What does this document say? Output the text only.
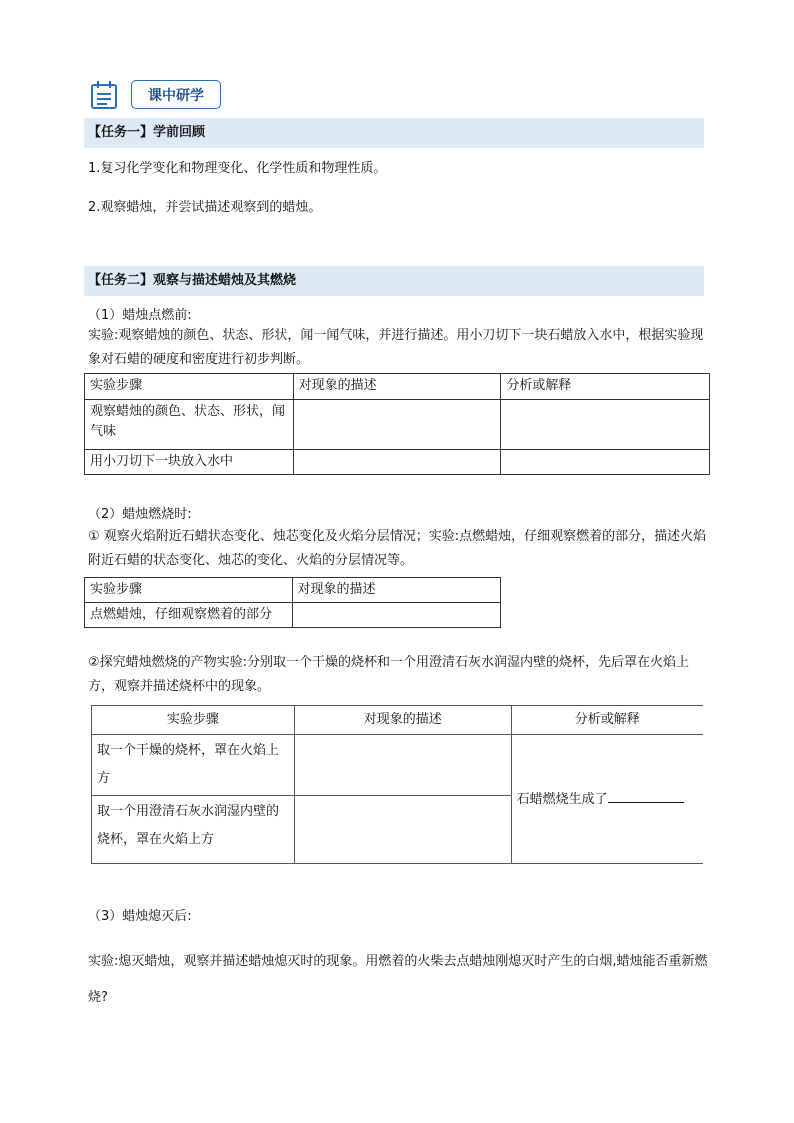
课中研学
【任务一】学前回顾
1.复习化学变化和物理变化、化学性质和物理性质。
2.观察蜡烛，并尝试描述观察到的蜡烛。
【任务二】观察与描述蜡烛及其燃烧
（1）蜡烛点燃前:
实验:观察蜡烛的颜色、状态、形状，闻一闻气味，并进行描述。用小刀切下一块石蜡放入水中，根据实验现象对石蜡的硬度和密度进行初步判断。
实验步骤	对现象的描述	分析或解释
观察蜡烛的颜色、状态、形状，闻气味		
用小刀切下一块放入水中		
（2）蜡烛燃烧时:
① 观察火焰附近石蜡状态变化、烛芯变化及火焰分层情况；实验:点燃蜡烛，仔细观察燃着的部分，描述火焰附近石蜡的状态变化、烛芯的变化、火焰的分层情况等。
实验步骤	对现象的描述
点燃蜡烛，仔细观察燃着的部分	
②探究蜡烛燃烧的产物实验:分别取一个干燥的烧杯和一个用澄清石灰水润湿内壁的烧杯，先后罩在火焰上方，观察并描述烧杯中的现象。
实验步骤	对现象的描述	分析或解释
取一个干燥的烧杯，罩在火焰上方		石蜡燃烧生成了
取一个用澄清石灰水润湿内壁的烧杯，罩在火焰上方		
（3）蜡烛熄灭后:
实验:熄灭蜡烛，观察并描述蜡烛熄灭时的现象。用燃着的火柴去点蜡烛刚熄灭时产生的白烟,蜡烛能否重新燃烧?
